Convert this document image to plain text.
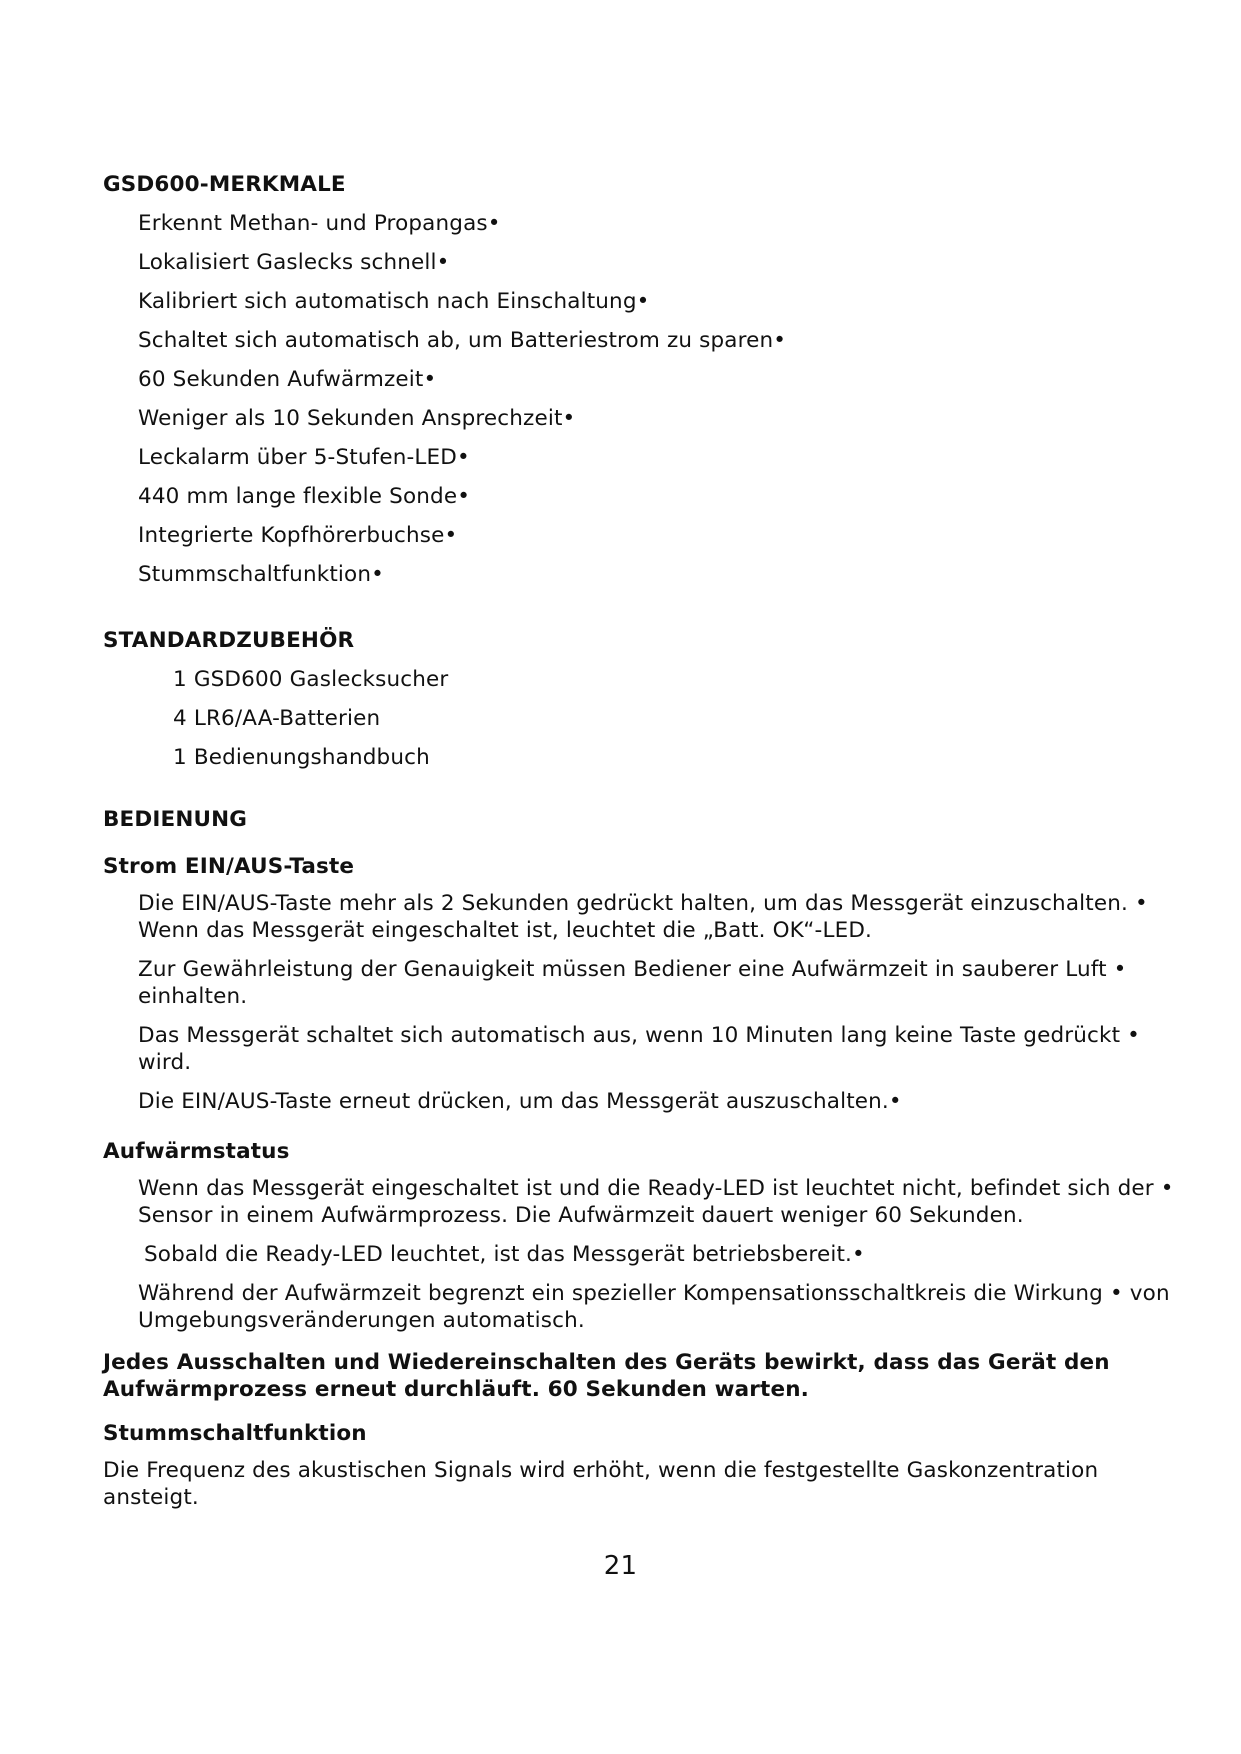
GSD600-MERKMALE
Erkennt Methan- und Propangas•
Lokalisiert Gaslecks schnell•
Kalibriert sich automatisch nach Einschaltung•
Schaltet sich automatisch ab, um Batteriestrom zu sparen•
60 Sekunden Aufwärmzeit•
Weniger als 10 Sekunden Ansprechzeit•
Leckalarm über 5-Stufen-LED•
440 mm lange flexible Sonde•
Integrierte Kopfhörerbuchse•
Stummschaltfunktion•
STANDARDZUBEHÖR
1 GSD600 Gaslecksucher
4 LR6/AA-Batterien
1 Bedienungshandbuch
BEDIENUNG
Strom EIN/AUS-Taste
Die EIN/AUS-Taste mehr als 2 Sekunden gedrückt halten, um das Messgerät einzuschalten. • Wenn das Messgerät eingeschaltet ist, leuchtet die „Batt. OK“-LED.
Zur Gewährleistung der Genauigkeit müssen Bediener eine Aufwärmzeit in sauberer Luft • einhalten.
Das Messgerät schaltet sich automatisch aus, wenn 10 Minuten lang keine Taste gedrückt • wird.
Die EIN/AUS-Taste erneut drücken, um das Messgerät auszuschalten.•
Aufwärmstatus
Wenn das Messgerät eingeschaltet ist und die Ready-LED ist leuchtet nicht, befindet sich der • Sensor in einem Aufwärmprozess. Die Aufwärmzeit dauert weniger 60 Sekunden.
Sobald die Ready-LED leuchtet, ist das Messgerät betriebsbereit.•
Während der Aufwärmzeit begrenzt ein spezieller Kompensationsschaltkreis die Wirkung • von Umgebungsveränderungen automatisch.
Jedes Ausschalten und Wiedereinschalten des Geräts bewirkt, dass das Gerät den Aufwärmprozess erneut durchläuft. 60 Sekunden warten.
Stummschaltfunktion
Die Frequenz des akustischen Signals wird erhöht, wenn die festgestellte Gaskonzentration ansteigt.
21
